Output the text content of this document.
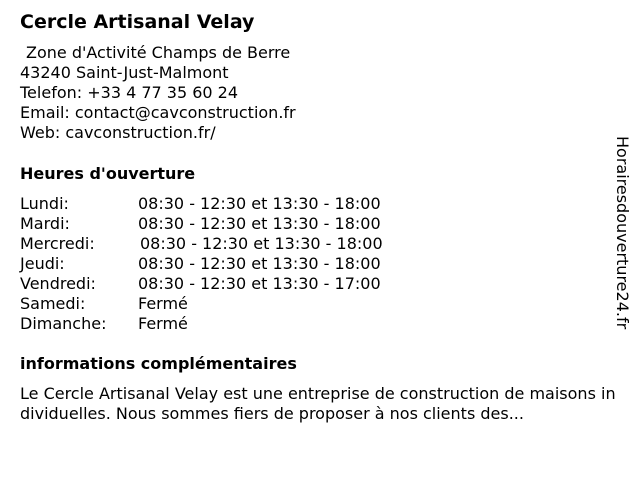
Cercle Artisanal Velay
Zone d'Activité Champs de Berre
43240 Saint-Just-Malmont
Telefon: +33 4 77 35 60 24
Email: contact@cavconstruction.fr
Web: cavconstruction.fr/
Heures d'ouverture
Lundi:	08:30 - 12:30 et 13:30 - 18:00
Mardi:	08:30 - 12:30 et 13:30 - 18:00
Mercredi:	08:30 - 12:30 et 13:30 - 18:00
Jeudi:	08:30 - 12:30 et 13:30 - 18:00
Vendredi:	08:30 - 12:30 et 13:30 - 17:00
Samedi:	Fermé
Dimanche: Fermé
informations complémentaires
Le Cercle Artisanal Velay est une entreprise de construction de maisons individuelles. Nous sommes fiers de proposer à nos clients des...
Horairesdouverture24.fr
